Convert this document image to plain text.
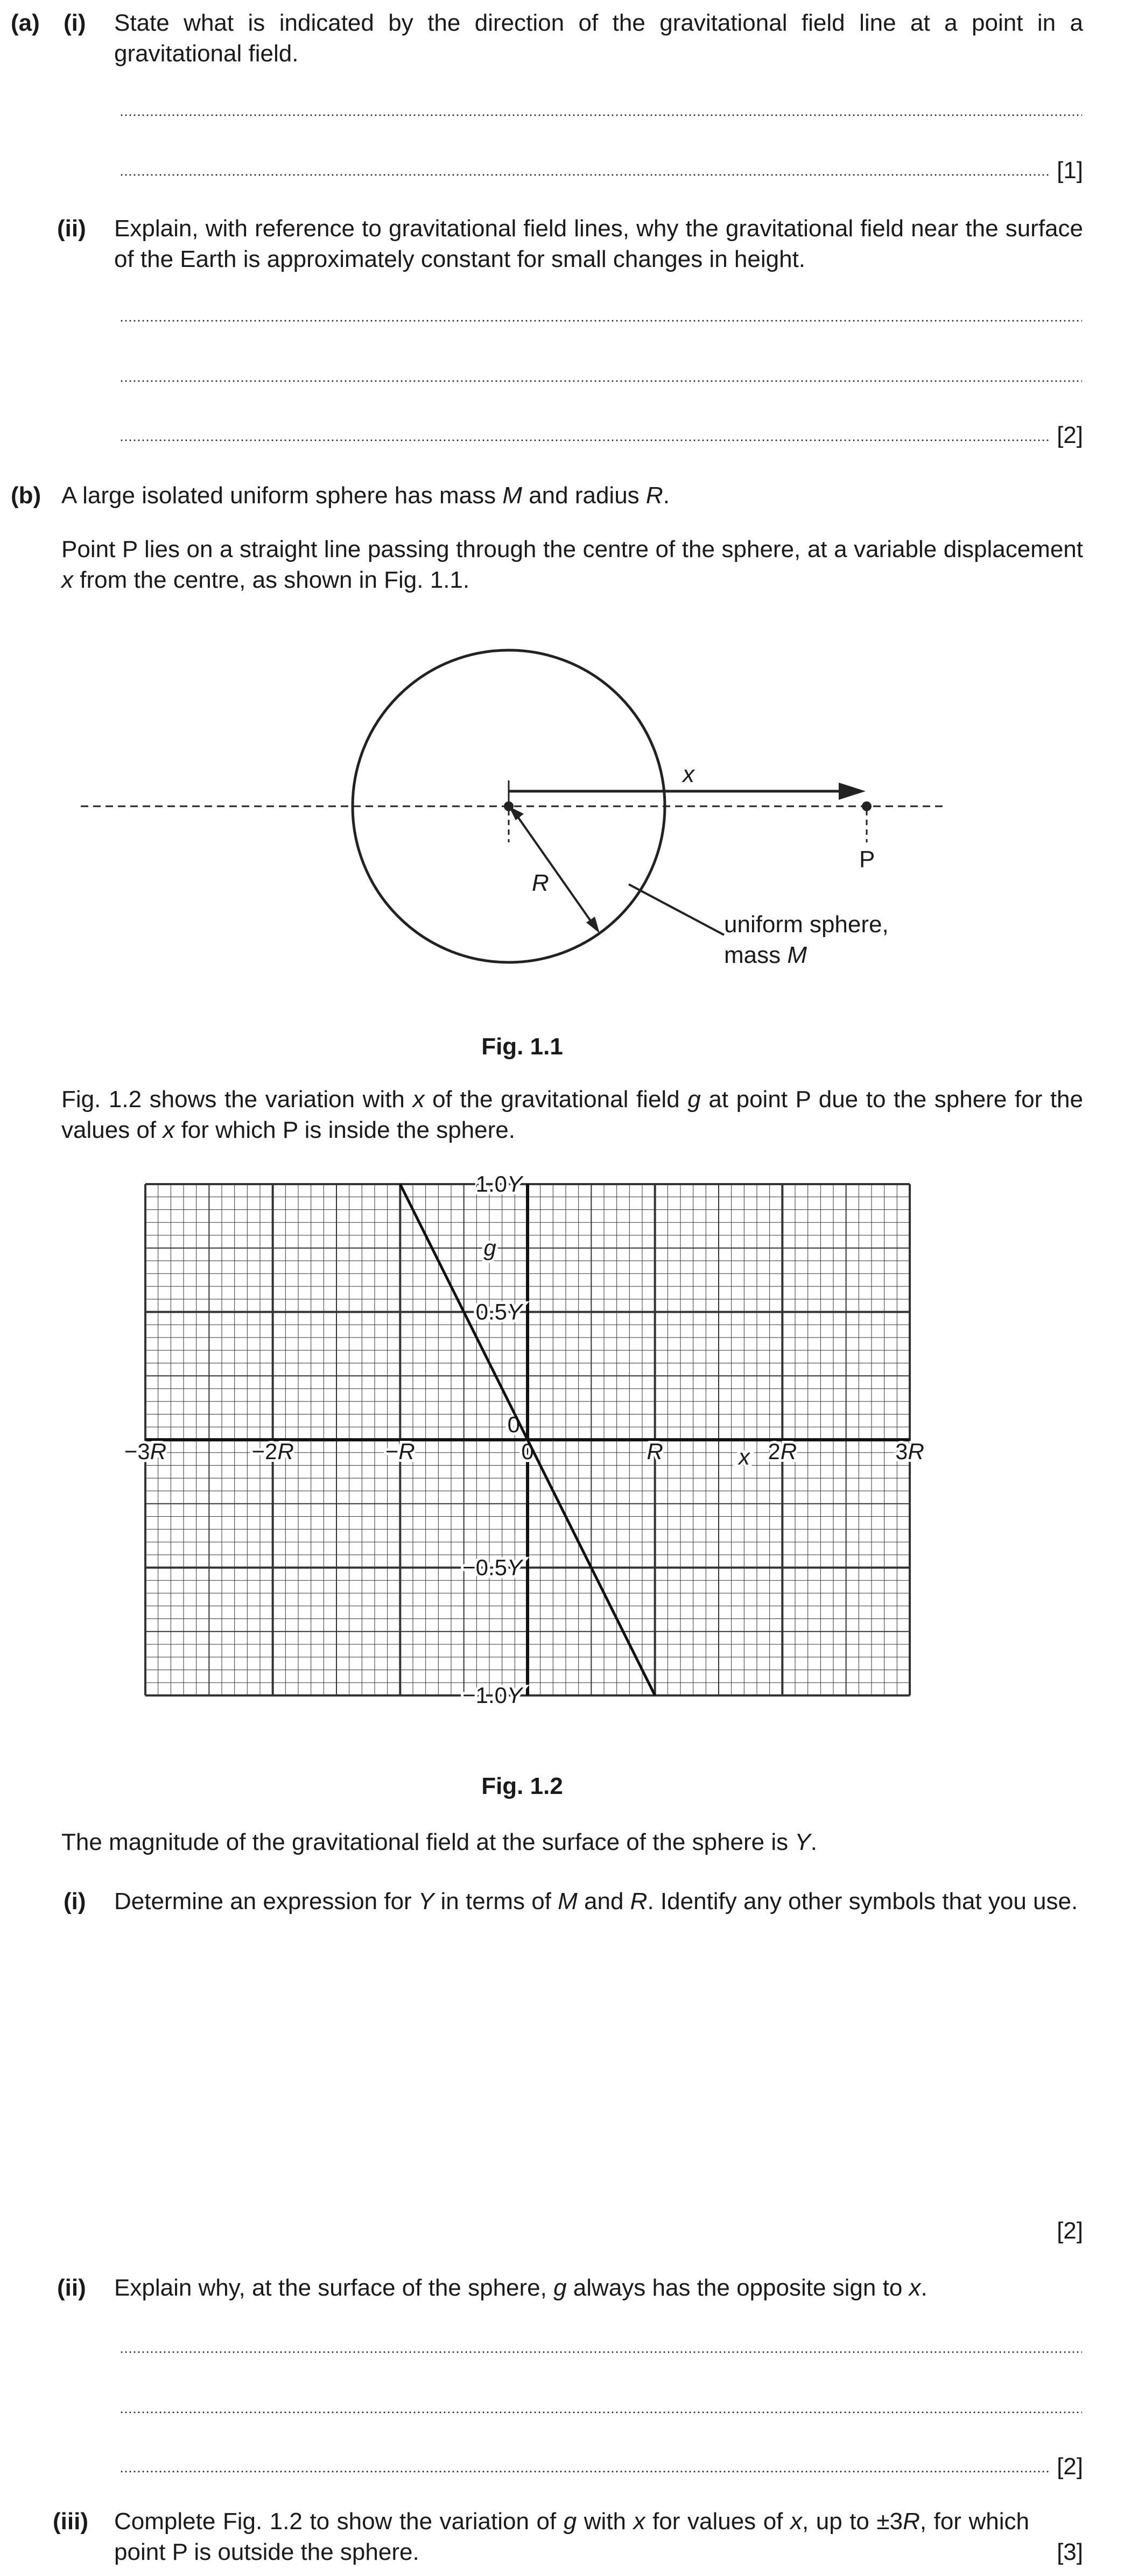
(a) (i) State what is indicated by the direction of the gravitational field line at a point in a gravitational field.
[1]
(ii) Explain, with reference to gravitational field lines, why the gravitational field near the surface of the Earth is approximately constant for small changes in height.
[2]
(b) A large isolated uniform sphere has mass M and radius R.
Point P lies on a straight line passing through the centre of the sphere, at a variable displacement x from the centre, as shown in Fig. 1.1.
x
R
P
uniform sphere,
mass M
Fig. 1.1
Fig. 1.2 shows the variation with x of the gravitational field g at point P due to the sphere for the values of x for which P is inside the sphere.
−3R	−2R	−R	0	R	2R	3R
1.0Y
0.5Y
0
−0.5Y
−1.0Y
g
x
Fig. 1.2
The magnitude of the gravitational field at the surface of the sphere is Y.
(i) Determine an expression for Y in terms of M and R. Identify any other symbols that you use.
[2]
(ii) Explain why, at the surface of the sphere, g always has the opposite sign to x.
[2]
(iii) Complete Fig. 1.2 to show the variation of g with x for values of x, up to ±3R, for which point P is outside the sphere.	[3]
